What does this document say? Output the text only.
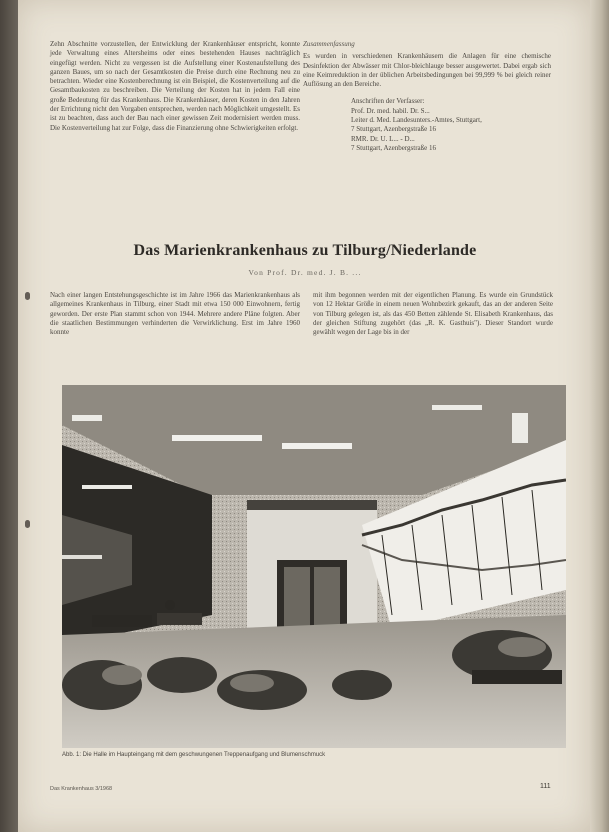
Zehn Abschnitte vorzustellen, der Entwicklung der Krankenhäuser entspricht, konnte jede Verwaltung eines Altersheims oder eines bestehenden Hauses nachträglich eingefügt werden. Nicht zu vergessen ist die Aufstellung einer Kostenaufstellung des ganzen Baues, um so nach der Gesamtkosten die Preise durch eine Rechnung neu zu betrachten. Wieder eine Kostenberechnung ist ein Beispiel, die Kostenverteilung auf die Gesamtbaukosten zu beschreiben. Die Verteilung der Kosten hat in jedem Fall eine große Bedeutung für das Krankenhaus. Die Krankenhäuser, deren Kosten in den Jahren der Errichtung nicht den Vorgaben entsprechen, werden nach Möglichkeit umgestellt. Es ist zu beachten, dass auch der Bau nach einer gewissen Zeit modernisiert werden muss. Die Kostenverteilung hat zur Folge, dass die Finanzierung ohne Schwierigkeiten erfolgt.

Zusammenfassung

Es wurden in verschiedenen Krankenhäusern die Anlagen für eine chemische Desinfektion der Abwässer mit Chlor-bleichlauge besser ausgewertet. Dabei ergab sich eine Keimreduktion in der üblichen Arbeitsbedingungen bei 99,999 % bei gleich reiner Auflösung an den Bereiche.

Anschriften der Verfasser:

Prof. Dr. med. habil. Dr. S...

Leiter d. Med. Landesunters.-Amtes, Stuttgart,

7 Stuttgart, Azenbergstraße 16

RMR. Dr. U. L... - D...

7 Stuttgart, Azenbergstraße 16

Das Marienkrankenhaus zu Tilburg/Niederlande
Von Prof. Dr. med. J. B. ...

Nach einer langen Entstehungsgeschichte ist im Jahre 1966 das Marienkrankenhaus als allgemeines Krankenhaus in Tilburg, einer Stadt mit etwa 150 000 Einwohnern, fertig geworden. Der erste Plan stammt schon von 1944. Mehrere andere Pläne folgten. Aber die staatlichen Bestimmungen verhinderten die Verwirklichung. Erst im Jahre 1960 konnte

mit ihm begonnen werden mit der eigentlichen Planung. Es wurde ein Grundstück von 12 Hektar Größe in einem neuen Wohnbezirk gekauft, das an der anderen Seite von Tilburg gelegen ist, als das 450 Betten zählende St. Elisabeth Krankenhaus, das der gleichen Stiftung zugehört (das „R. K. Gasthuis"). Dieser Standort wurde gewählt wegen der Lage bis in der

Abb. 1: Die Halle im Haupteingang mit dem geschwungenen Treppenaufgang und Blumenschmuck
Das Krankenhaus 3/1968	111
